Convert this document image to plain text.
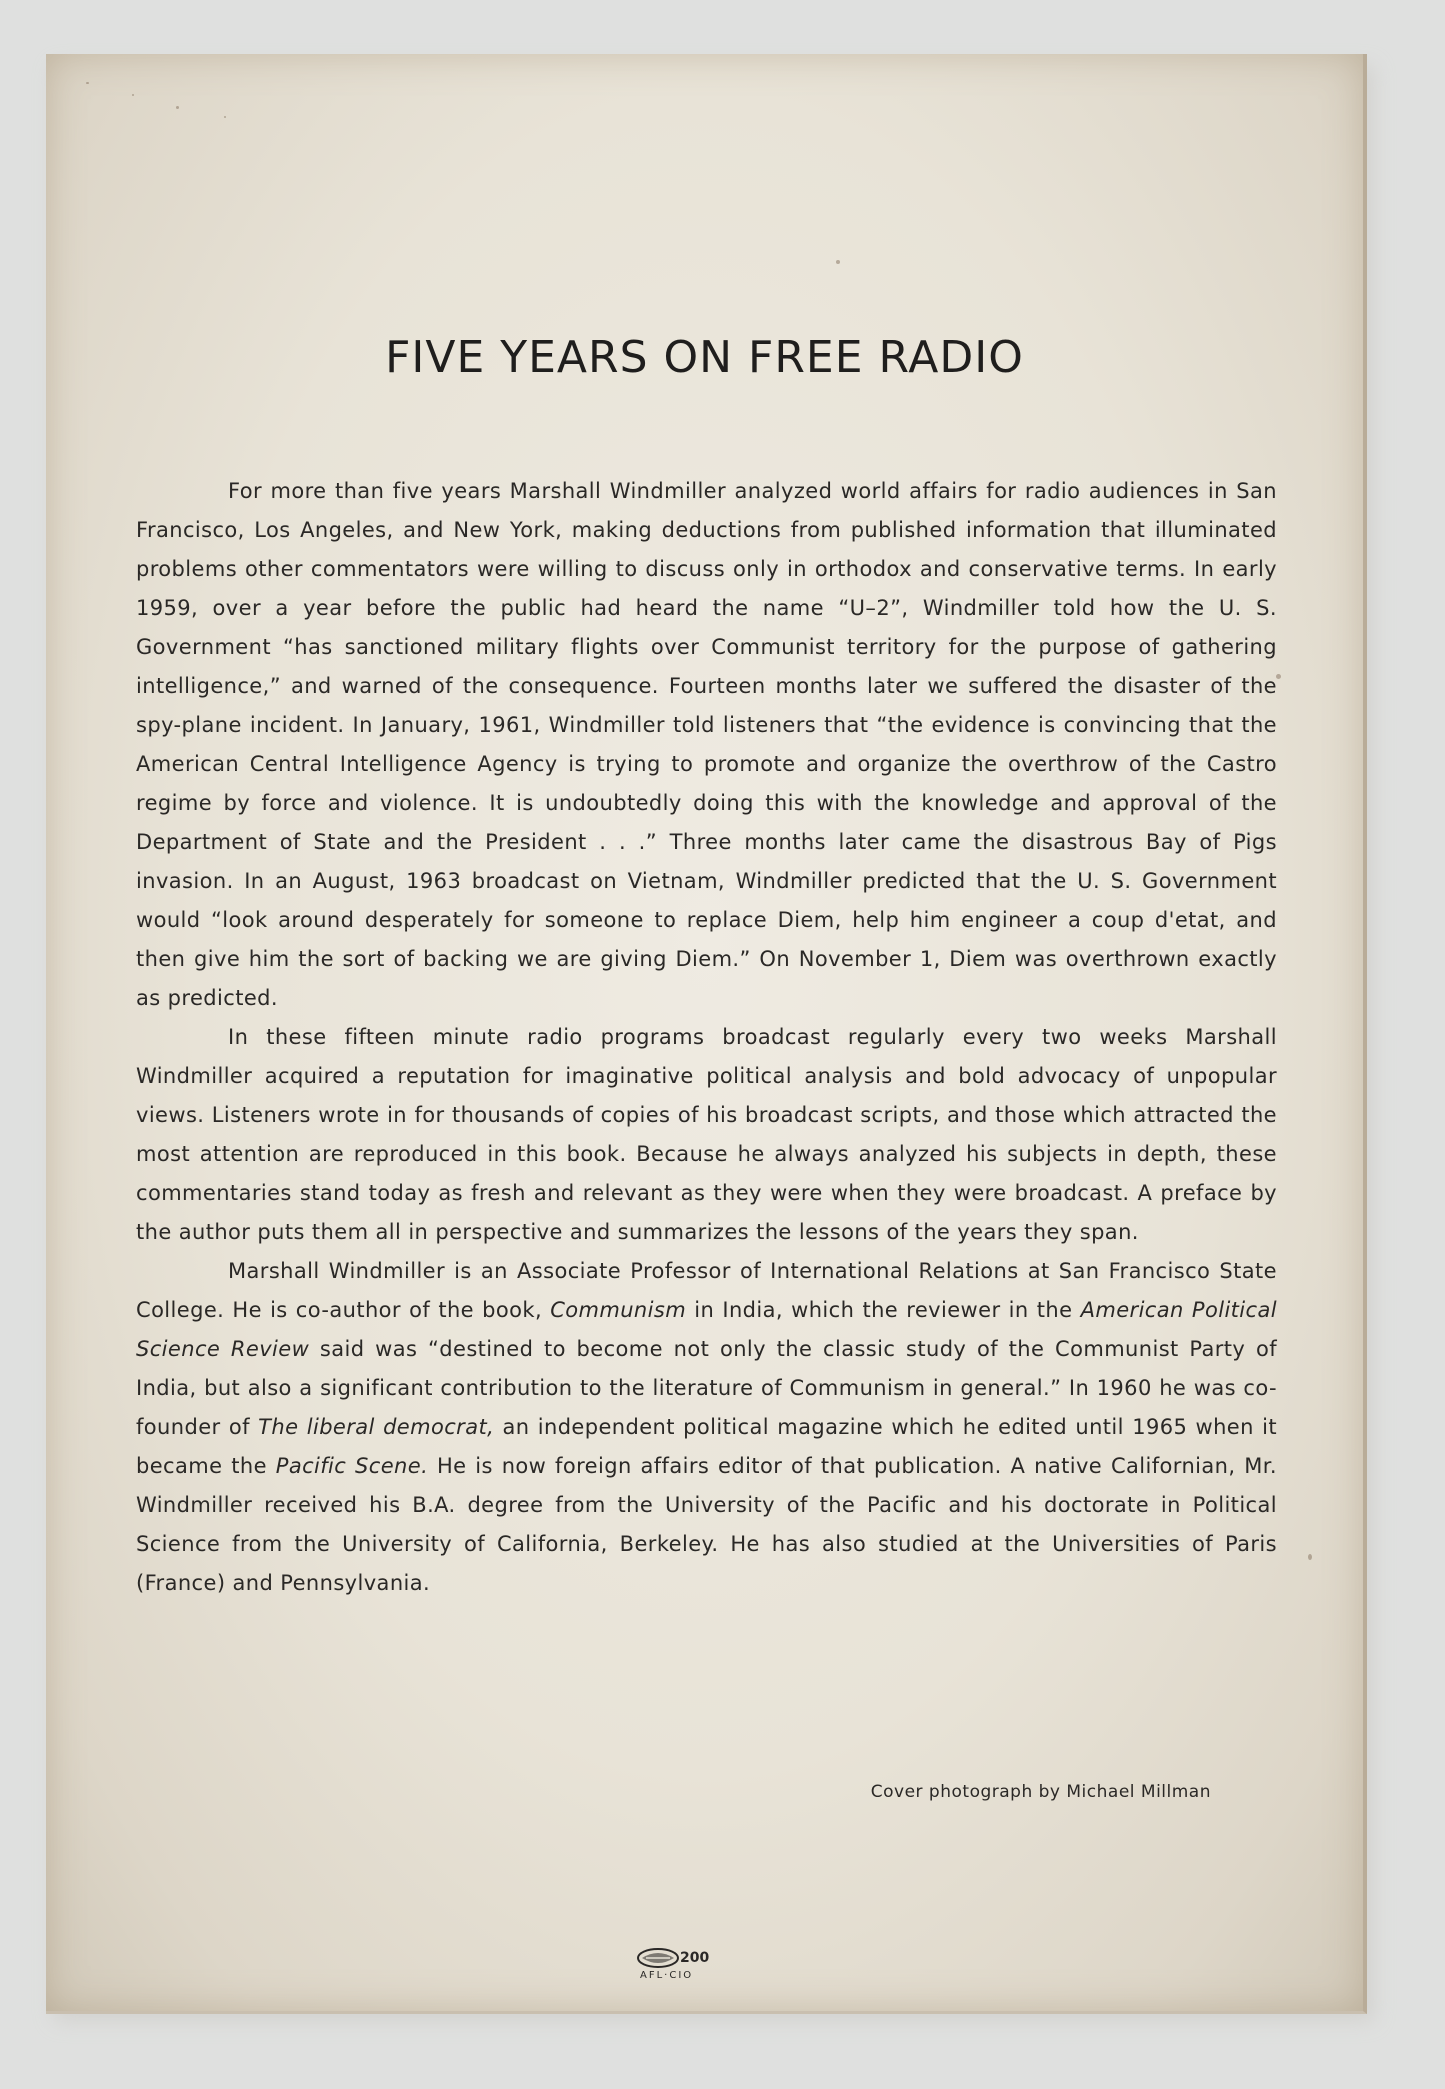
FIVE YEARS ON FREE RADIO

For more than five years Marshall Windmiller analyzed world affairs for radio audiences in San Francisco, Los Angeles, and New York, making deductions from published information that illuminated problems other commentators were willing to discuss only in orthodox and conservative terms. In early 1959, over a year before the public had heard the name “U–2”, Windmiller told how the U. S. Government “has sanctioned military flights over Communist territory for the purpose of gathering intelligence,” and warned of the consequence. Fourteen months later we suffered the disaster of the spy-plane incident. In January, 1961, Windmiller told listeners that “the evidence is convincing that the American Central Intelligence Agency is trying to promote and organize the overthrow of the Castro regime by force and violence. It is undoubtedly doing this with the knowledge and approval of the Department of State and the President . . .” Three months later came the disastrous Bay of Pigs invasion. In an August, 1963 broadcast on Vietnam, Windmiller predicted that the U. S. Government would “look around desperately for someone to replace Diem, help him engineer a coup d'etat, and then give him the sort of backing we are giving Diem.” On November 1, Diem was overthrown exactly as predicted.

In these fifteen minute radio programs broadcast regularly every two weeks Marshall Windmiller acquired a reputation for imaginative political analysis and bold advocacy of unpopular views. Listeners wrote in for thousands of copies of his broadcast scripts, and those which attracted the most attention are reproduced in this book. Because he always analyzed his subjects in depth, these commentaries stand today as fresh and relevant as they were when they were broadcast. A preface by the author puts them all in perspective and summarizes the lessons of the years they span.

Marshall Windmiller is an Associate Professor of International Relations at San Francisco State College. He is co-author of the book, Communism in India, which the reviewer in the American Political Science Review said was “destined to become not only the classic study of the Communist Party of India, but also a significant contribution to the literature of Communism in general.” In 1960 he was co-founder of The liberal democrat, an independent political magazine which he edited until 1965 when it became the Pacific Scene. He is now foreign affairs editor of that publication. A native Californian, Mr. Windmiller received his B.A. degree from the University of the Pacific and his doctorate in Political Science from the University of California, Berkeley. He has also studied at the Universities of Paris (France) and Pennsylvania.

Cover photograph by Michael Millman
200
AFL·CIO
